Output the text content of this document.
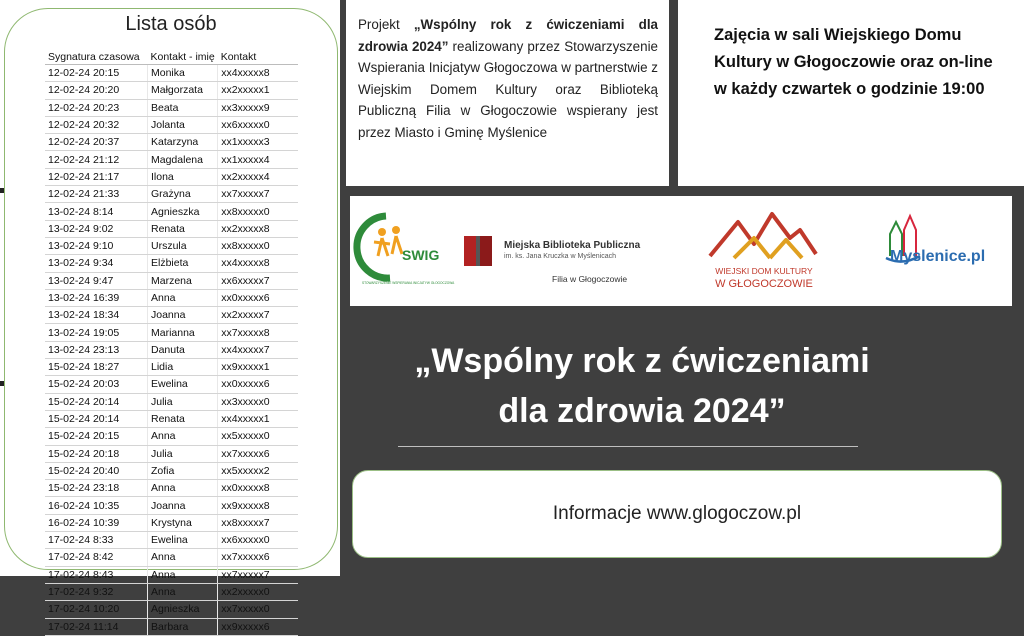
Lista osób
Sygnatura czasowa	Kontakt - imię	Kontakt
12-02-24 20:15	Monika	xx4xxxxx8
12-02-24 20:20	Małgorzata	xx2xxxxx1
12-02-24 20:23	Beata	xx3xxxxx9
12-02-24 20:32	Jolanta	xx6xxxxx0
12-02-24 20:37	Katarzyna	xx1xxxxx3
12-02-24 21:12	Magdalena	xx1xxxxx4
12-02-24 21:17	Ilona	xx2xxxxx4
12-02-24 21:33	Grażyna	xx7xxxxx7
13-02-24 8:14	Agnieszka	xx8xxxxx0
13-02-24 9:02	Renata	xx2xxxxx8
13-02-24 9:10	Urszula	xx8xxxxx0
13-02-24 9:34	Elżbieta	xx4xxxxx8
13-02-24 9:47	Marzena	xx6xxxxx7
13-02-24 16:39	Anna	xx0xxxxx6
13-02-24 18:34	Joanna	xx2xxxxx7
13-02-24 19:05	Marianna	xx7xxxxx8
13-02-24 23:13	Danuta	xx4xxxxx7
15-02-24 18:27	Lidia	xx9xxxxx1
15-02-24 20:03	Ewelina	xx0xxxxx6
15-02-24 20:14	Julia	xx3xxxxx0
15-02-24 20:14	Renata	xx4xxxxx1
15-02-24 20:15	Anna	xx5xxxxx0
15-02-24 20:18	Julia	xx7xxxxx6
15-02-24 20:40	Zofia	xx5xxxxx2
15-02-24 23:18	Anna	xx0xxxxx8
16-02-24 10:35	Joanna	xx9xxxxx8
16-02-24 10:39	Krystyna	xx8xxxxx7
17-02-24 8:33	Ewelina	xx6xxxxx0
17-02-24 8:42	Anna	xx7xxxxx6
17-02-24 8:43	Anna	xx7xxxxx7
17-02-24 9:32	Anna	xx2xxxxx0
17-02-24 10:20	Agnieszka	xx7xxxxx0
17-02-24 11:14	Barbara	xx9xxxxx6
Projekt „Wspólny rok z ćwiczeniami dla zdrowia 2024” realizowany przez Stowarzyszenie Wspierania Inicjatyw Głogoczowa w partnerstwie z Wiejskim Domem Kultury oraz Biblioteką Publiczną Filia w Głogoczowie wspierany jest przez Miasto i Gminę Myślenice
Zajęcia w sali Wiejskiego Domu Kultury w Głogoczowie oraz on-line w każdy czwartek o godzinie 19:00
SWIG
STOWARZYSZENIE WSPIERANIA INICJATYW GŁOGOCZOWA
Miejska Biblioteka Publiczna
im. ks. Jana Kruczka w Myślenicach
Filia w Głogoczowie
WIEJSKI DOM KULTURY
W GŁOGOCZOWIE
Myslenice.pl
„Wspólny rok z ćwiczeniami
dla zdrowia 2024”
Informacje www.glogoczow.pl
